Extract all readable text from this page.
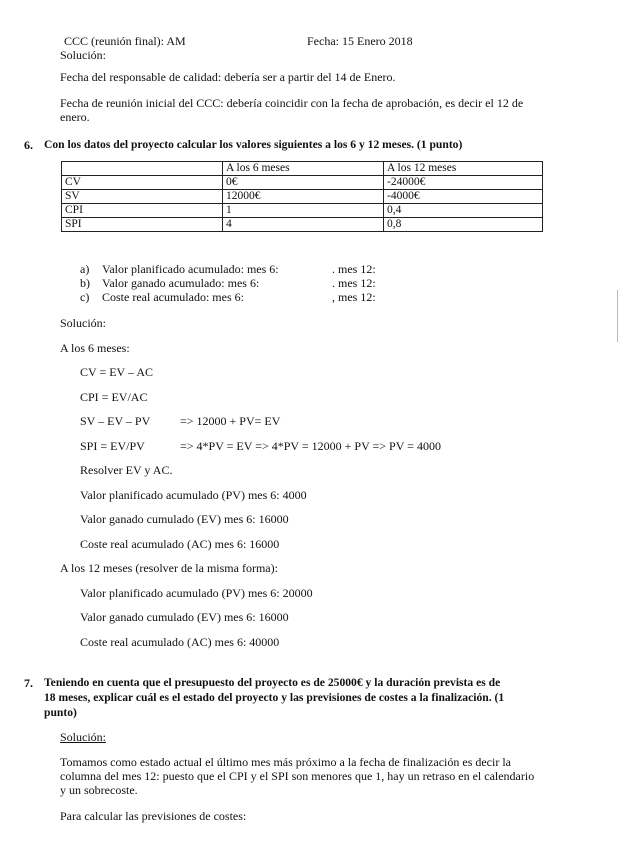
CCC (reunión final): AM	Fecha: 15 Enero 2018
Solución:
Fecha del responsable de calidad: debería ser a partir del 14 de Enero.
Fecha de reunión inicial del CCC: debería coincidir con la fecha de aprobación, es decir el 12 de
enero.
6. Con los datos del proyecto calcular los valores siguientes a los 6 y 12 meses. (1 punto)
	A los 6 meses	A los 12 meses
CV	0€	-24000€
SV	12000€	-4000€
CPI	1	0,4
SPI	4	0,8
a) Valor planificado acumulado: mes 6:	. mes 12:
b) Valor ganado acumulado: mes 6:	. mes 12:
c) Coste real acumulado: mes 6:	, mes 12:
Solución:
A los 6 meses:
CV = EV – AC
CPI = EV/AC
SV – EV – PV => 12000 + PV= EV
SPI = EV/PV	=> 4*PV = EV => 4*PV = 12000 + PV => PV = 4000
Resolver EV y AC.
Valor planificado acumulado (PV) mes 6: 4000
Valor ganado cumulado (EV) mes 6: 16000
Coste real acumulado (AC) mes 6: 16000
A los 12 meses (resolver de la misma forma):
Valor planificado acumulado (PV) mes 6: 20000
Valor ganado cumulado (EV) mes 6: 16000
Coste real acumulado (AC) mes 6: 40000
7. Teniendo en cuenta que el presupuesto del proyecto es de 25000€ y la duración prevista es de
18 meses, explicar cuál es el estado del proyecto y las previsiones de costes a la finalización. (1
punto)
Solución:
Tomamos como estado actual el último mes más próximo a la fecha de finalización es decir la
columna del mes 12: puesto que el CPI y el SPI son menores que 1, hay un retraso en el calendario
y un sobrecoste.
Para calcular las previsiones de costes:
